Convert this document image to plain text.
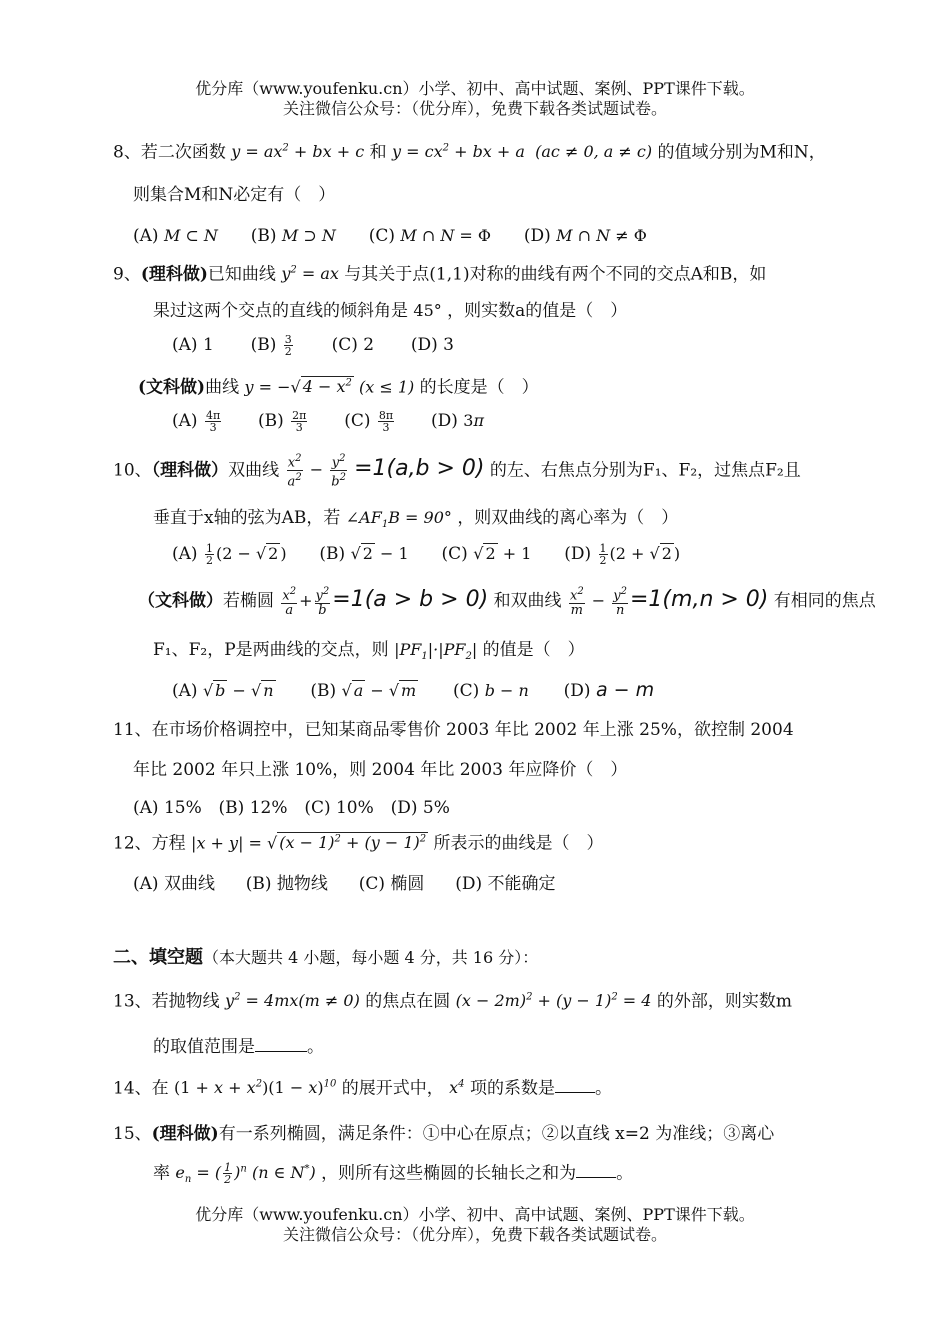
优分库（www.youfenku.cn）小学、初中、高中试题、案例、PPT课件下载。
关注微信公众号：（优分库），免费下载各类试题试卷。
8、若二次函数 $y = ax^2$ + bx + c 和 $y = cx^2$ + bx + a  (ac ≠ 0, a ≠ c) 的值域分别为M和N，
则集合M和N必定有（　）
(A) M ⊂ N (B) M ⊃ N (C) M ∩ N = Φ (D) M ∩ N ≠ Φ
9、(理科做)已知曲线 $y^2$ = ax 与其关于点(1,1)对称的曲线有两个不同的交点A和B，如
果过这两个交点的直线的倾斜角是 45° ，则实数a的值是（　）
(A) 1 $(B) \frac{3}{2} (C)$ 2 (D) 3
(文科做)曲线 y = −√ $4 - x^2$ (x ≤ 1) 的长度是（　）
$(A) \frac{4\pi}{3} (B) \frac{2\pi}{3} (C) \frac{8\pi}{3} (D)$ 3π
10、（理科做）双曲线 $\frac{x^2}{a^2} - \frac{y^2}{b^2} =1(a,b > 0)$ 的左、右焦点分别为F₁、F₂，过焦点F₂且
垂直于x轴的弦为AB，若 $\angle AF_1B = 90^\circ$ ，则双曲线的离心率为（　）
$(A) \frac{1}{2} (2$ − √ 2 ) (B) √ 2 − 1 (C) √ 2 + 1 $(D) \frac{1}{2} (2$ + √ 2 )
（文科做）若椭圆 $\frac{x^2}{a} + \frac{y^2}{b} =1(a > b > 0)$ 和双曲线 $\frac{x^2}{m} - \frac{y^2}{n} =1(m,n > 0)$ 有相同的焦点
F₁、F₂，P是两曲线的交点，则 $|PF_1|\cdot|PF_2|$ 的值是（　）
(A) √ b − √ n (B) √ a − √ m (C) b − n (D) a − m
11、在市场价格调控中，已知某商品零售价 2003 年比 2002 年上涨 25%，欲控制 2004
年比 2002 年只上涨 10%，则 2004 年比 2003 年应降价（　）
(A) 15% (B) 12% (C) 10% (D) 5%
12、方程 |x + y| = √ $(x - 1)^2 + (y - 1)^2$ 所表示的曲线是（　）
(A) 双曲线 (B) 抛物线 (C) 椭圆 (D) 不能确定
二、填空题（本大题共 4 小题，每小题 4 分，共 16 分）：
13、若抛物线 $y^2 = 4mx(m \ne 0)$ 的焦点在圆 $(x - 2m)^2 + (y - 1)^2 = 4$ 的外部，则实数m
的取值范围是	。
14、在 $(1 + x + x^2)(1 - x)^{10}$ 的展开式中， $x^4$ 项的系数是 。
15、(理科做)有一系列椭圆，满足条件：①中心在原点；②以直线 x=2 为准线；③离心
率 $e_n$ = ( $\frac{1}{2} )^n$ (n ∈ N*) ，则所有这些椭圆的长轴长之和为 。
优分库（www.youfenku.cn）小学、初中、高中试题、案例、PPT课件下载。
关注微信公众号：（优分库），免费下载各类试题试卷。
